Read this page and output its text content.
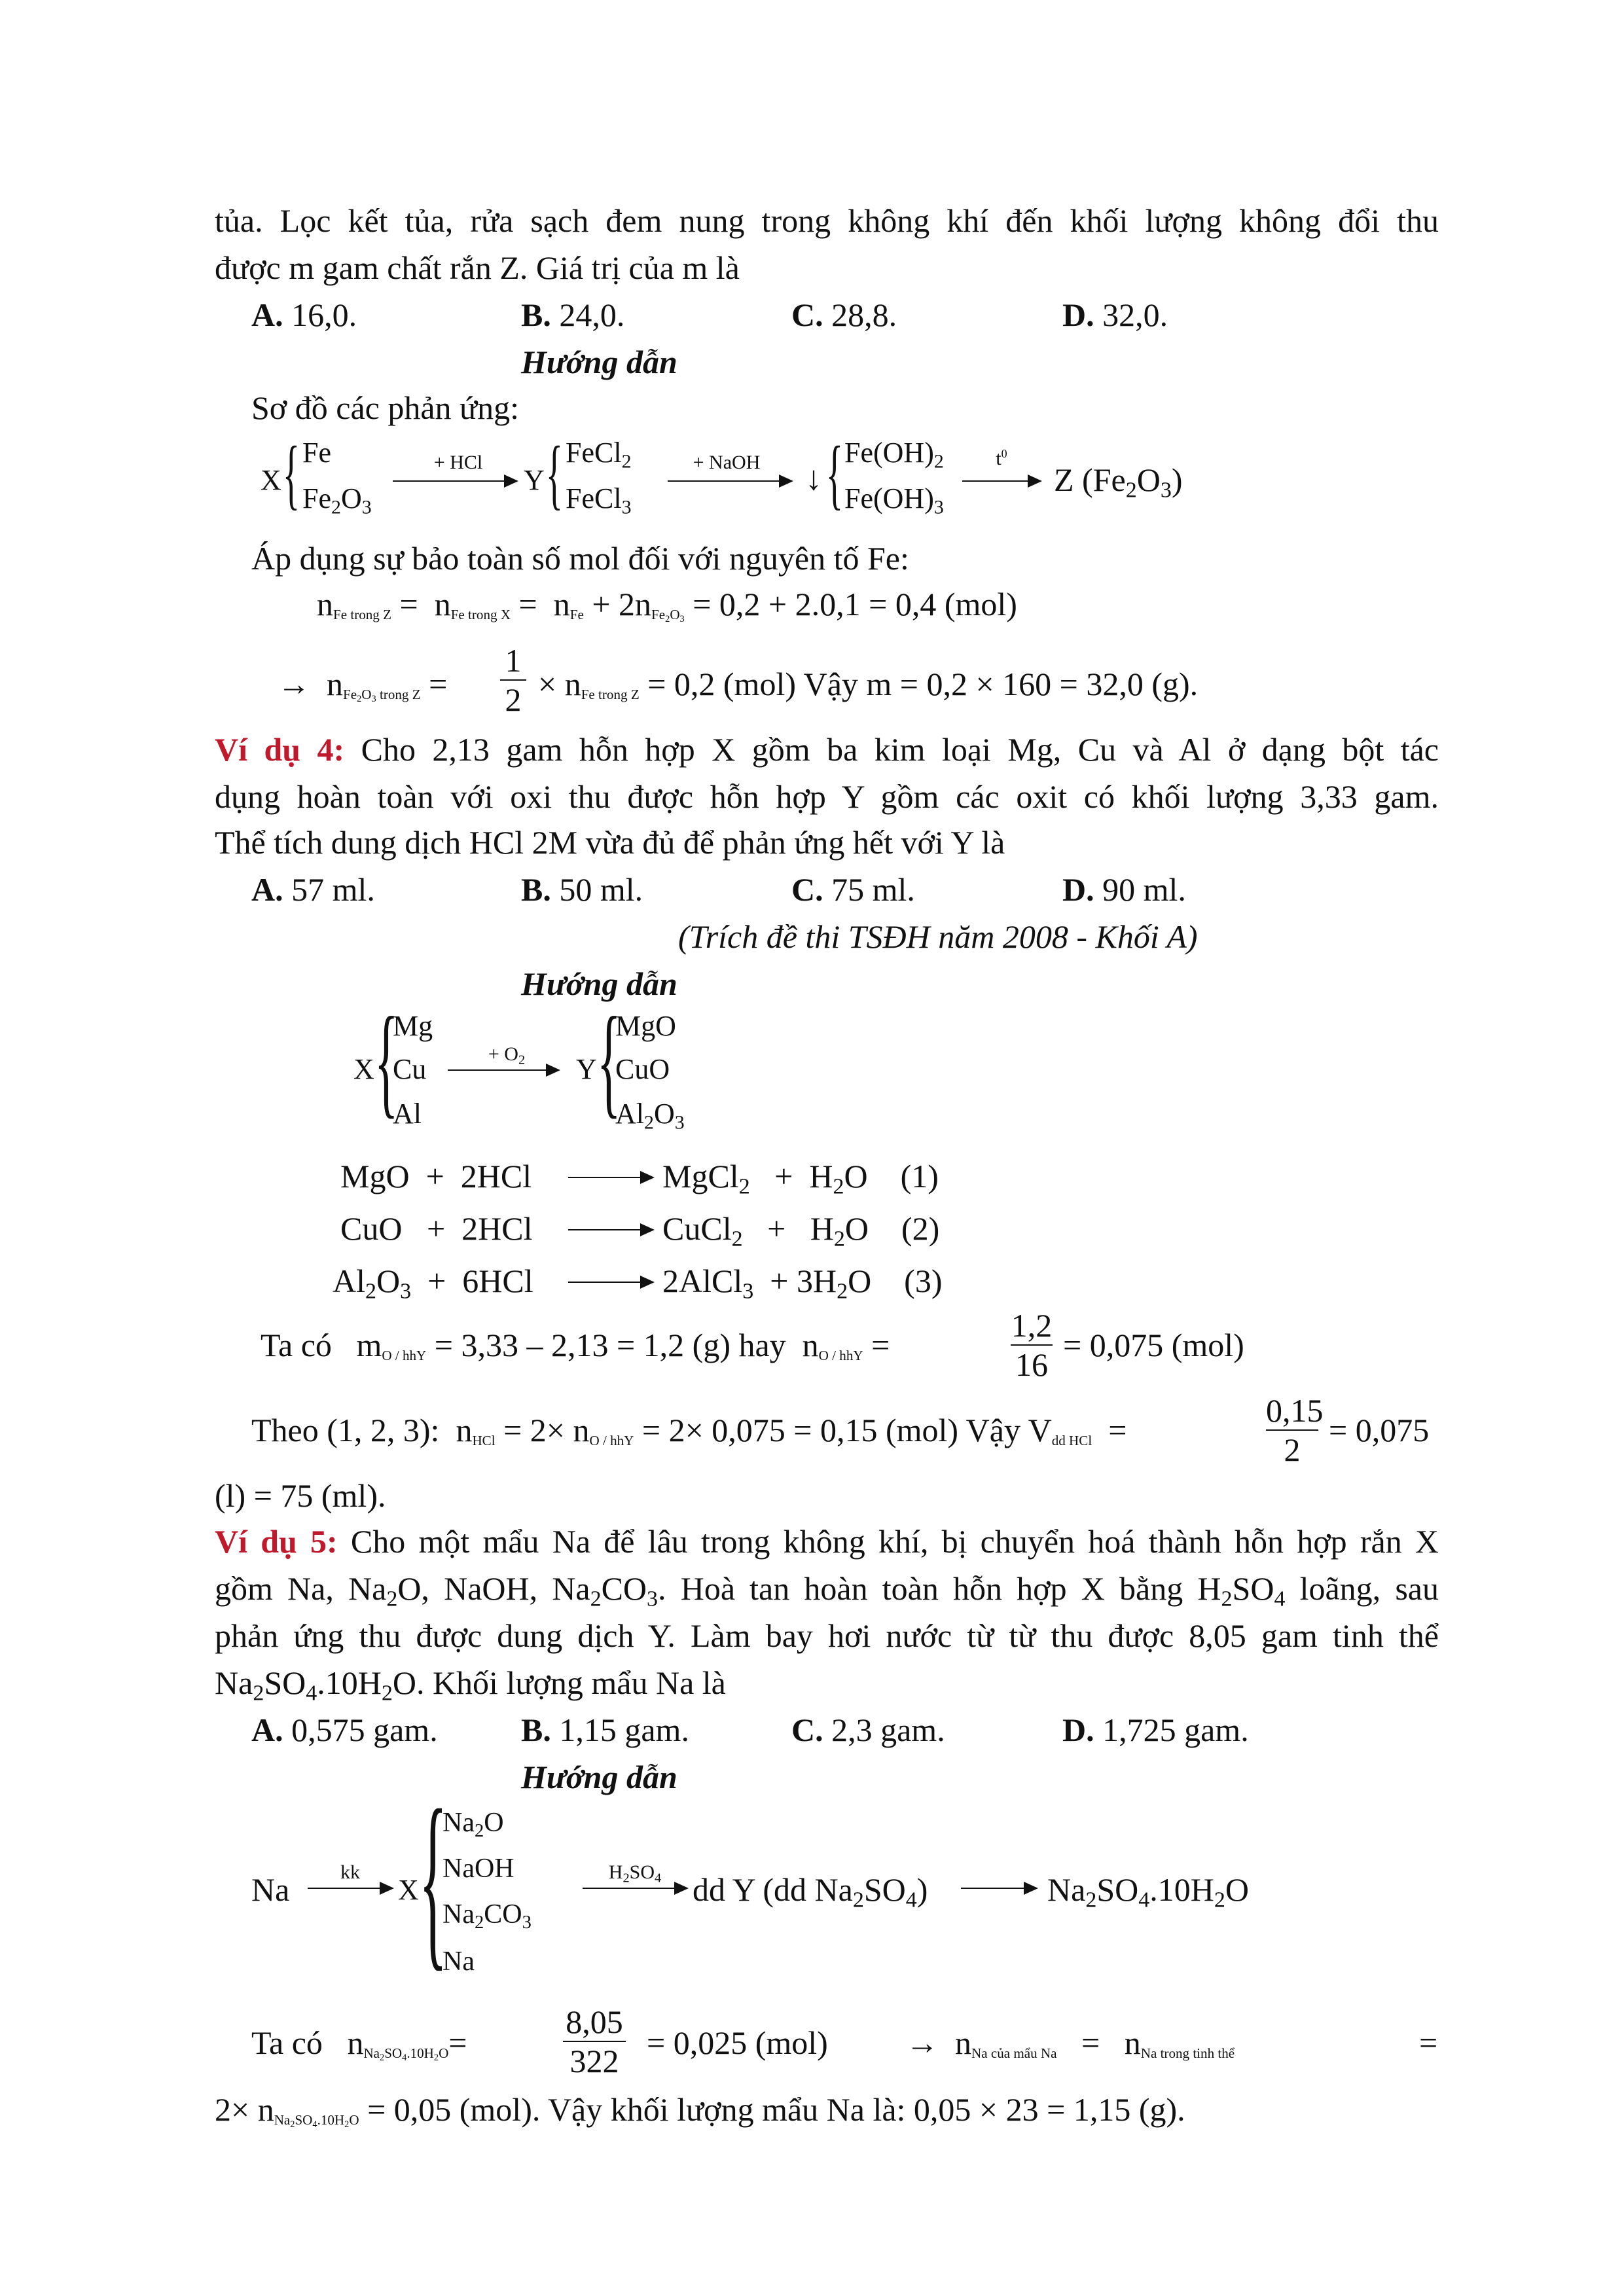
tủa. Lọc kết tủa, rửa sạch đem nung trong không khí đến khối lượng không đổi thu
được m gam chất rắn Z. Giá trị của m là
A. 16,0.	B. 24,0.	C. 28,8.	D. 32,0.
Hướng dẫn
Sơ đồ các phản ứng:
X { Fe
$Fe_2O_3$
+ HCl
Y { FeCl$_2$
FeCl$_3$
+ NaOH	↓ { $Fe(OH)_2$
$Fe(OH)_3$
$t^0$
Z $(Fe_2O_3)$
Áp dụng sự bảo toàn số mol đối với nguyên tố Fe:
$n_{Fe trong Z} = n_{Fe trong X} = n_{Fe} + 2n_{Fe_2O_3} = 0,2 + 2.0,1 = 0,4$ (mol)
→  $n_{Fe_2O_3 trong Z}$ =
1
$2 \times n_{Fe trong Z} = 0,2$ (mol) Vậy m = 0,2 × 160 = 32,0 (g).
Ví dụ 4: Cho 2,13 gam hỗn hợp X gồm ba kim loại Mg, Cu và Al ở dạng bột tác
dụng hoàn toàn với oxi thu được hỗn hợp Y gồm các oxit có khối lượng 3,33 gam.
Thể tích dung dịch HCl 2M vừa đủ để phản ứng hết với Y là
A. 57 ml.	B. 50 ml.	C. 75 ml.	D. 90 ml.
(Trích đề thi TSĐH năm 2008 - Khối A)
Hướng dẫn
X {
Mg
Cu
Al
+ $O_2$	Y {
MgO
CuO
$Al_2O_3$
MgO  +  2HCl	MgCl$_2$   +  $H_2O$    (1)
CuO   +  2HCl	CuCl$_2$   +   $H_2O$    (2)
$Al_2O_3 + 6HCl$	2AlCl$_3$  + $3H_2O$    (3)
Ta có   $m_{O / hhY} = 3,33 - 2,13 = 1,2$ (g) hay  $n_{O / hhY}$ =
1,2
16
= 0,075 (mol)
Theo (1, 2, 3):  $n_{HCl} = 2\times n_{O / hhY} = 2\times 0,075 = 0,15$ (mol) Vậy $V_{dd HCl}$  =
0,15
2
= 0,075
(l) = 75 (ml).
Ví dụ 5: Cho một mẩu Na để lâu trong không khí, bị chuyển hoá thành hỗn hợp rắn X
gồm Na, $Na_2O$, NaOH, $Na_2CO_3$. Hoà tan hoàn toàn hỗn hợp X bằng $H_2SO_4$ loãng, sau
phản ứng thu được dung dịch Y. Làm bay hơi nước từ từ thu được 8,05 gam tinh thể
$Na_2SO_4.10H_2O$. Khối lượng mẩu Na là
A. 0,575 gam.	B. 1,15 gam.	C. 2,3 gam.	D. 1,725 gam.
Hướng dẫn
Na	kk
X {
$Na_2O$
NaOH
$Na_2CO_3$
Na
$H_2SO_4$ dd Y (dd $Na_2SO_4$)	$Na_2SO_4.10H_2O$
Ta có   $n_{Na_2SO_4.10H_2O}=$
8,05
322 = 0,025 $(mol) \to n_{Na của mẩu Na} = n_{Na trong tinh thể}$	=
$2\times n_{Na_2SO_4.10H_2O} = 0,05$ (mol). Vậy khối lượng mẩu Na là: 0,05 × 23 = 1,15 (g).
